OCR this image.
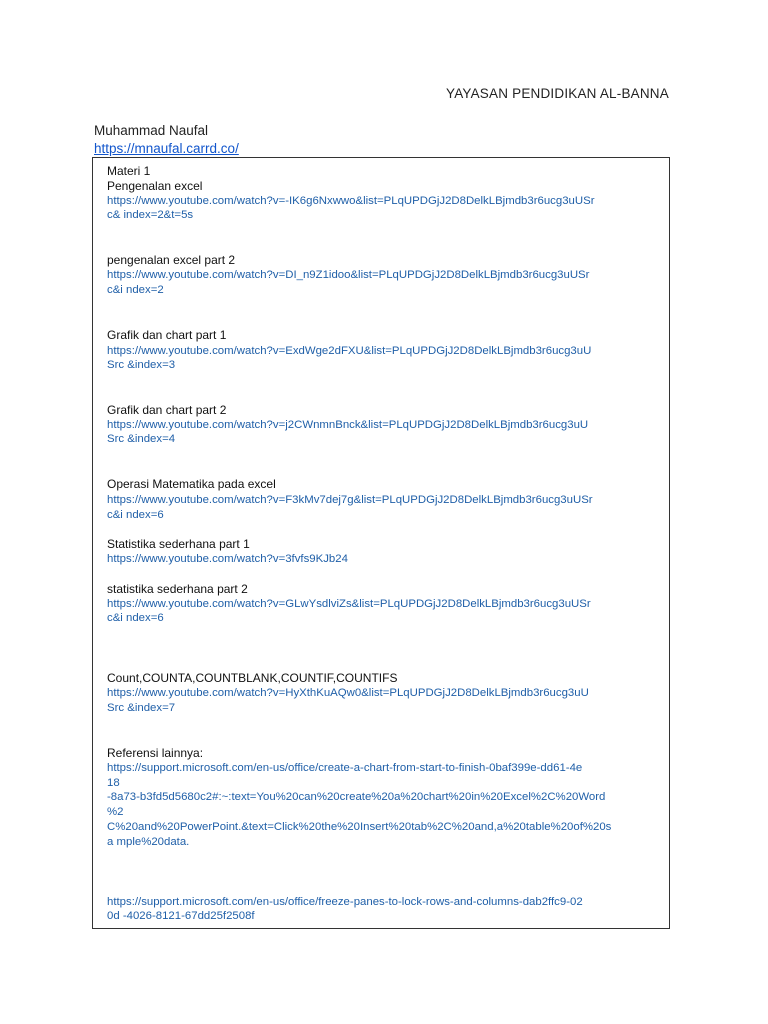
YAYASAN PENDIDIKAN AL-BANNA
Muhammad Naufal
https://mnaufal.carrd.co/
Materi 1
Pengenalan excel
https://www.youtube.com/watch?v=-IK6g6Nxwwo&list=PLqUPDGjJ2D8DelkLBjmdb3r6ucg3uUSr
c& index=2&t=5s
pengenalan excel part 2
https://www.youtube.com/watch?v=DI_n9Z1idoo&list=PLqUPDGjJ2D8DelkLBjmdb3r6ucg3uUSr
c&i ndex=2
Grafik dan chart part 1
https://www.youtube.com/watch?v=ExdWge2dFXU&list=PLqUPDGjJ2D8DelkLBjmdb3r6ucg3uU
Src &index=3
Grafik dan chart part 2
https://www.youtube.com/watch?v=j2CWnmnBnck&list=PLqUPDGjJ2D8DelkLBjmdb3r6ucg3uU
Src &index=4
Operasi Matematika pada excel
https://www.youtube.com/watch?v=F3kMv7dej7g&list=PLqUPDGjJ2D8DelkLBjmdb3r6ucg3uUSr
c&i ndex=6
Statistika sederhana part 1
https://www.youtube.com/watch?v=3fvfs9KJb24
statistika sederhana part 2
https://www.youtube.com/watch?v=GLwYsdlviZs&list=PLqUPDGjJ2D8DelkLBjmdb3r6ucg3uUSr
c&i ndex=6
Count,COUNTA,COUNTBLANK,COUNTIF,COUNTIFS
https://www.youtube.com/watch?v=HyXthKuAQw0&list=PLqUPDGjJ2D8DelkLBjmdb3r6ucg3uU
Src &index=7
Referensi lainnya:
https://support.microsoft.com/en-us/office/create-a-chart-from-start-to-finish-0baf399e-dd61-4e
18
-8a73-b3fd5d5680c2#:~:text=You%20can%20create%20a%20chart%20in%20Excel%2C%20Word
%2
C%20and%20PowerPoint.&text=Click%20the%20Insert%20tab%2C%20and,a%20table%20of%20s
a mple%20data.
https://support.microsoft.com/en-us/office/freeze-panes-to-lock-rows-and-columns-dab2ffc9-02
0d -4026-8121-67dd25f2508f
